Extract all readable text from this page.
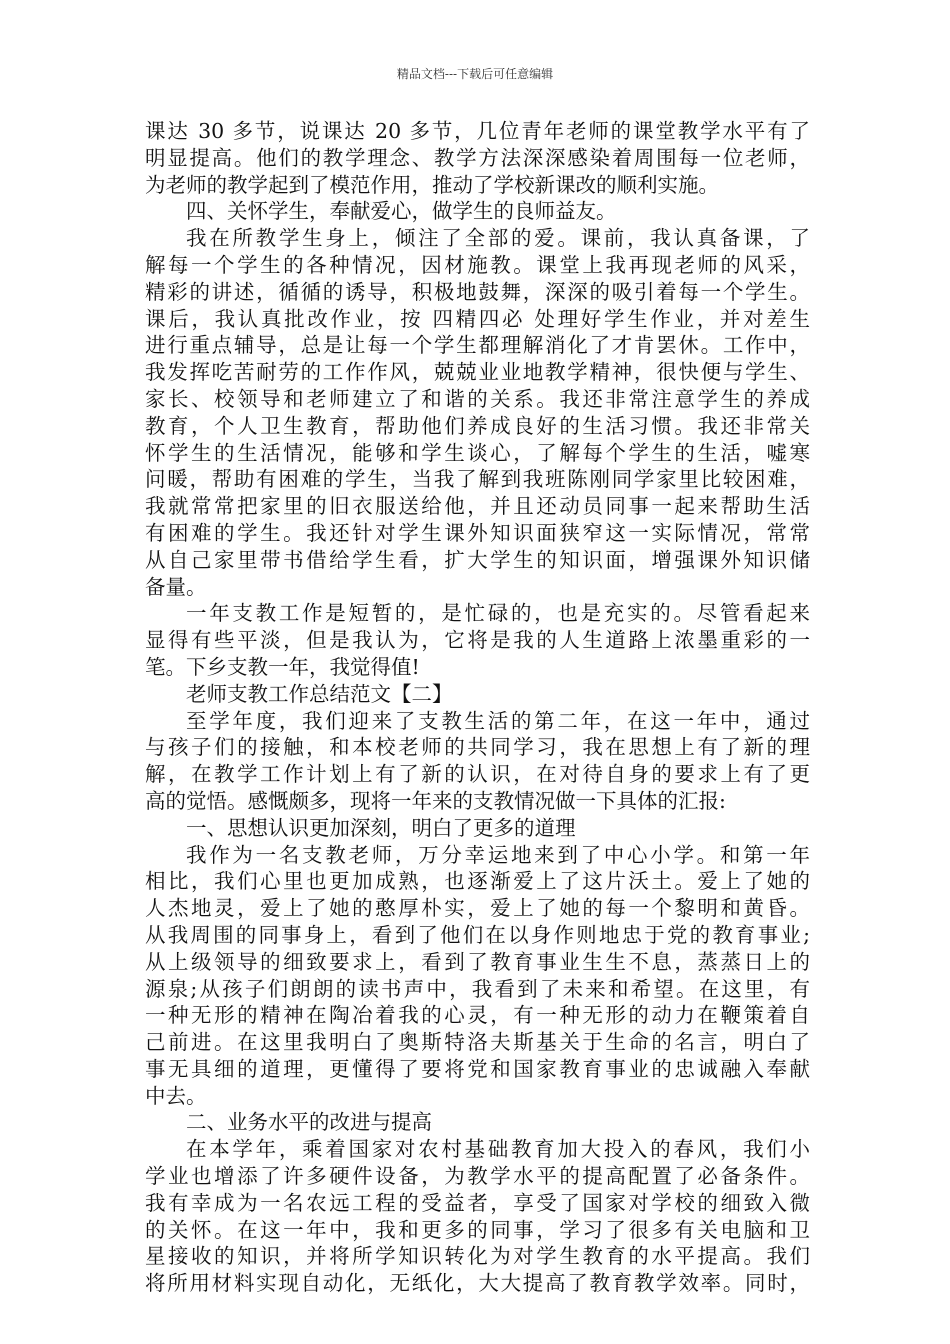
精品文档---下载后可任意编辑
课达 30 多节，说课达 20 多节，几位青年老师的课堂教学水平有了
明显提高。他们的教学理念、教学方法深深感染着周围每一位老师，
为老师的教学起到了模范作用，推动了学校新课改的顺利实施。
四、关怀学生，奉献爱心，做学生的良师益友。
我在所教学生身上，倾注了全部的爱。课前，我认真备课，了
解每一个学生的各种情况，因材施教。课堂上我再现老师的风采，
精彩的讲述，循循的诱导，积极地鼓舞，深深的吸引着每一个学生。
课后，我认真批改作业，按 四精四必 处理好学生作业，并对差生
进行重点辅导，总是让每一个学生都理解消化了才肯罢休。工作中，
我发挥吃苦耐劳的工作作风，兢兢业业地教学精神，很快便与学生、
家长、校领导和老师建立了和谐的关系。我还非常注意学生的养成
教育，个人卫生教育，帮助他们养成良好的生活习惯。我还非常关
怀学生的生活情况，能够和学生谈心，了解每个学生的生活，嘘寒
问暖，帮助有困难的学生，当我了解到我班陈刚同学家里比较困难，
我就常常把家里的旧衣服送给他，并且还动员同事一起来帮助生活
有困难的学生。我还针对学生课外知识面狭窄这一实际情况，常常
从自己家里带书借给学生看，扩大学生的知识面，增强课外知识储
备量。
一年支教工作是短暂的，是忙碌的，也是充实的。尽管看起来
显得有些平淡，但是我认为，它将是我的人生道路上浓墨重彩的一
笔。下乡支教一年，我觉得值!
老师支教工作总结范文【二】
至学年度，我们迎来了支教生活的第二年，在这一年中，通过
与孩子们的接触，和本校老师的共同学习，我在思想上有了新的理
解，在教学工作计划上有了新的认识，在对待自身的要求上有了更
高的觉悟。感慨颇多，现将一年来的支教情况做一下具体的汇报:
一、思想认识更加深刻，明白了更多的道理
我作为一名支教老师，万分幸运地来到了中心小学。和第一年
相比，我们心里也更加成熟，也逐渐爱上了这片沃土。爱上了她的
人杰地灵，爱上了她的憨厚朴实，爱上了她的每一个黎明和黄昏。
从我周围的同事身上，看到了他们在以身作则地忠于党的教育事业;
从上级领导的细致要求上，看到了教育事业生生不息，蒸蒸日上的
源泉;从孩子们朗朗的读书声中，我看到了未来和希望。在这里，有
一种无形的精神在陶冶着我的心灵，有一种无形的动力在鞭策着自
己前进。在这里我明白了奥斯特洛夫斯基关于生命的名言，明白了
事无具细的道理，更懂得了要将党和国家教育事业的忠诚融入奉献
中去。
二、业务水平的改进与提高
在本学年，乘着国家对农村基础教育加大投入的春风，我们小
学业也增添了许多硬件设备，为教学水平的提高配置了必备条件。
我有幸成为一名农远工程的受益者，享受了国家对学校的细致入微
的关怀。在这一年中，我和更多的同事，学习了很多有关电脑和卫
星接收的知识，并将所学知识转化为对学生教育的水平提高。我们
将所用材料实现自动化，无纸化，大大提高了教育教学效率。同时，
